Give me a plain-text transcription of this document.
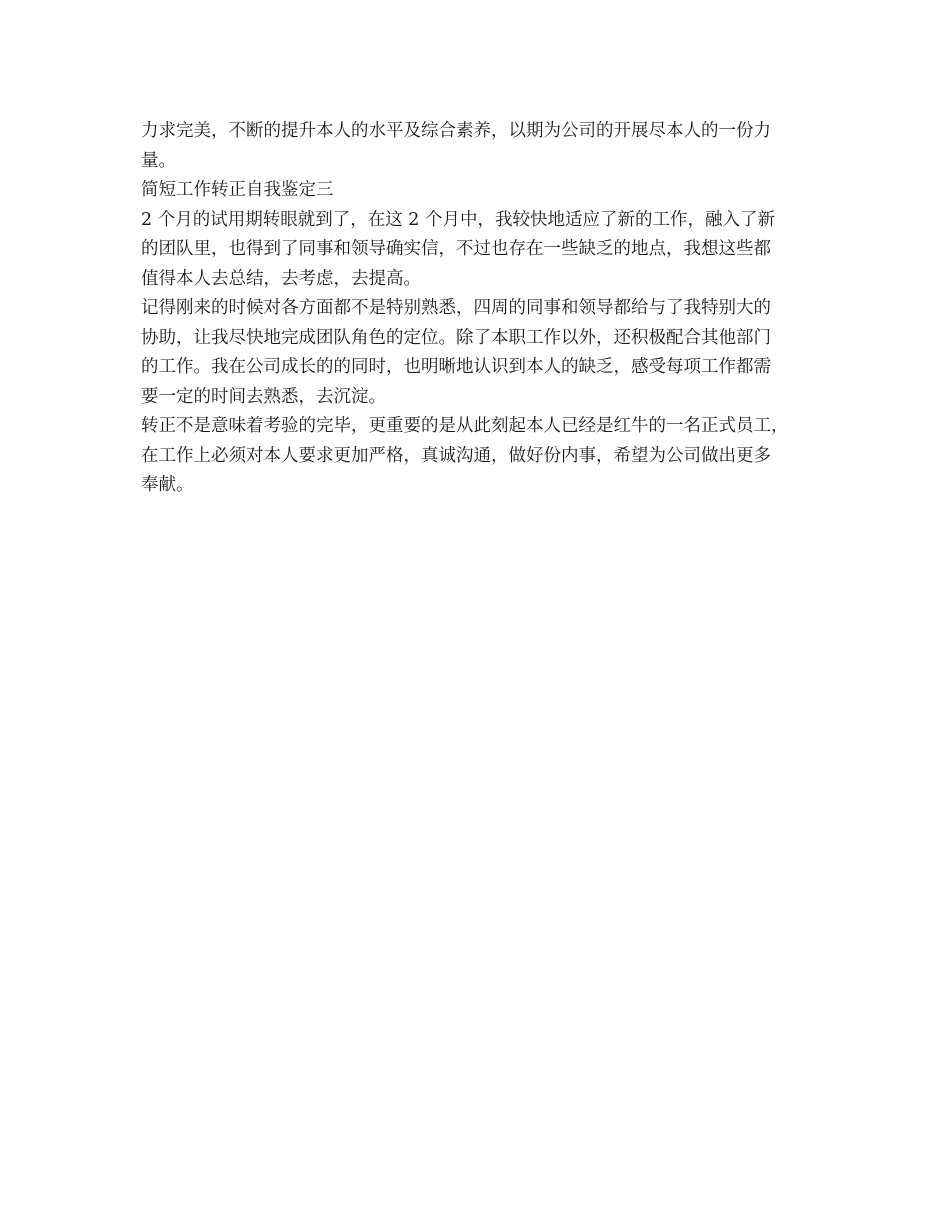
力求完美，不断的提升本人的水平及综合素养，以期为公司的开展尽本人的一份力
量。
简短工作转正自我鉴定三
2 个月的试用期转眼就到了，在这 2 个月中，我较快地适应了新的工作，融入了新
的团队里，也得到了同事和领导确实信，不过也存在一些缺乏的地点，我想这些都
值得本人去总结，去考虑，去提高。
记得刚来的时候对各方面都不是特别熟悉，四周的同事和领导都给与了我特别大的
协助，让我尽快地完成团队角色的定位。除了本职工作以外，还积极配合其他部门
的工作。我在公司成长的的同时，也明晰地认识到本人的缺乏，感受每项工作都需
要一定的时间去熟悉，去沉淀。
转正不是意味着考验的完毕，更重要的是从此刻起本人已经是红牛的一名正式员工，
在工作上必须对本人要求更加严格，真诚沟通，做好份内事，希望为公司做出更多
奉献。
